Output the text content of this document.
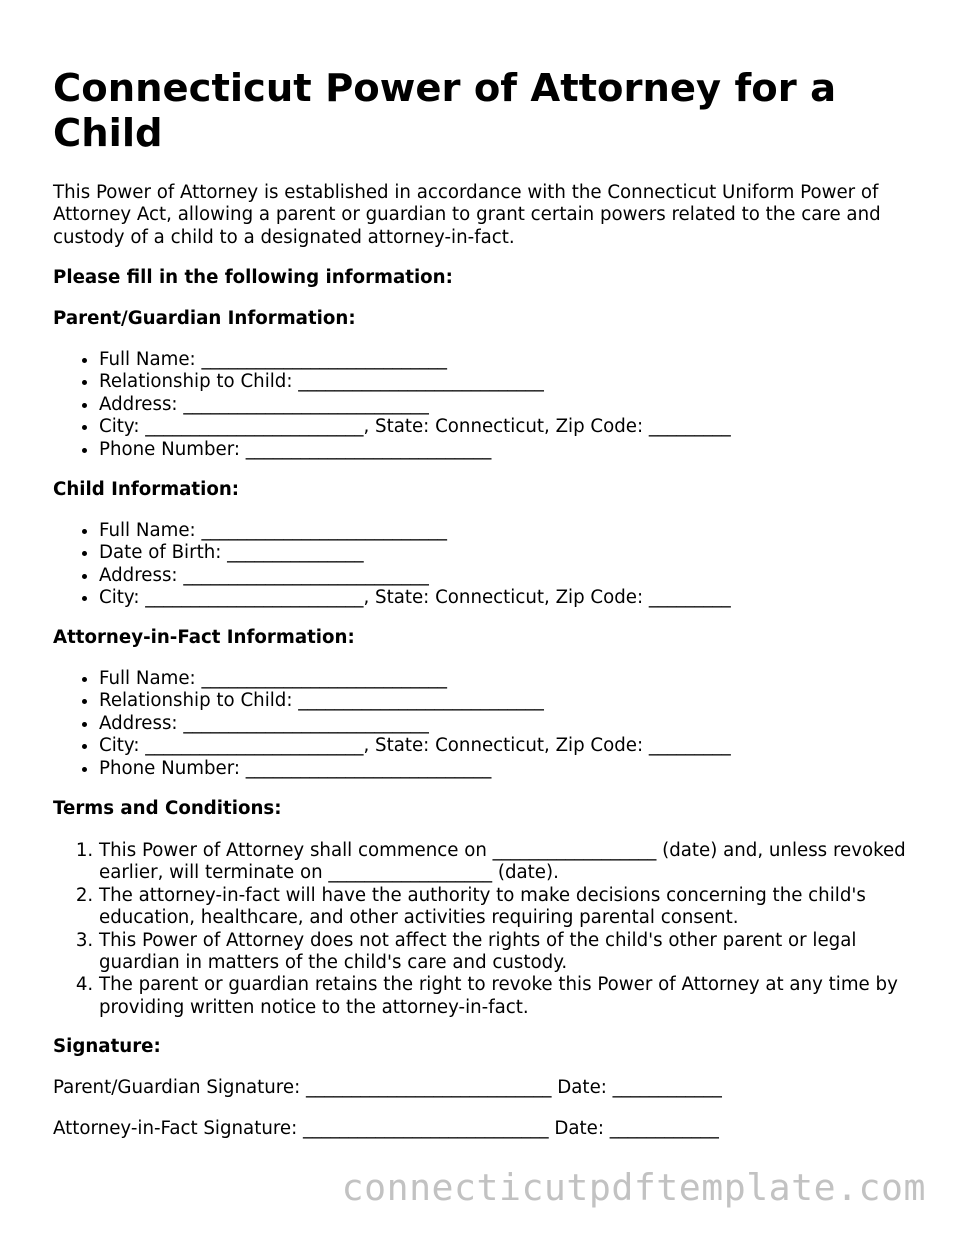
Connecticut Power of Attorney for a Child

This Power of Attorney is established in accordance with the Connecticut Uniform Power of Attorney Act, allowing a parent or guardian to grant certain powers related to the care and custody of a child to a designated attorney-in-fact.

Please fill in the following information:

Parent/Guardian Information:

• Full Name: ___________________________
• Relationship to Child: ___________________________
• Address: ___________________________
• City: ________________________, State: Connecticut, Zip Code: _________
• Phone Number: ___________________________

Child Information:

• Full Name: ___________________________
• Date of Birth: _______________
• Address: ___________________________
• City: ________________________, State: Connecticut, Zip Code: _________

Attorney-in-Fact Information:

• Full Name: ___________________________
• Relationship to Child: ___________________________
• Address: ___________________________
• City: ________________________, State: Connecticut, Zip Code: _________
• Phone Number: ___________________________

Terms and Conditions:

1. This Power of Attorney shall commence on __________________ (date) and, unless revoked earlier, will terminate on __________________ (date).
2. The attorney-in-fact will have the authority to make decisions concerning the child's education, healthcare, and other activities requiring parental consent.
3. This Power of Attorney does not affect the rights of the child's other parent or legal guardian in matters of the child's care and custody.
4. The parent or guardian retains the right to revoke this Power of Attorney at any time by providing written notice to the attorney-in-fact.

Signature:

Parent/Guardian Signature: ___________________________ Date: ____________

Attorney-in-Fact Signature: ___________________________ Date: ____________

connecticutpdftemplate.com
